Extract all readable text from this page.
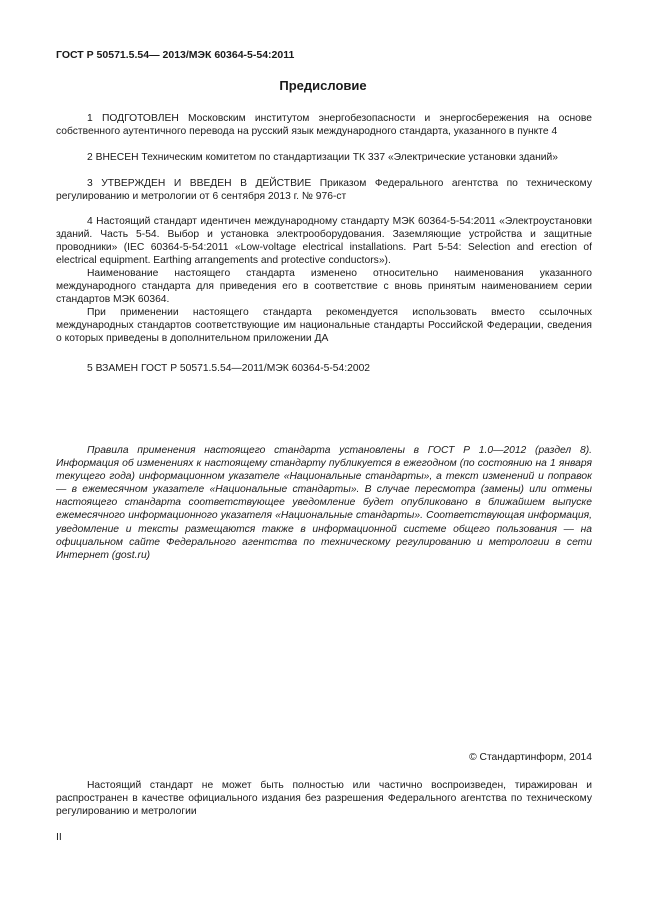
ГОСТ Р 50571.5.54— 2013/МЭК 60364-5-54:2011
Предисловие

1 ПОДГОТОВЛЕН Московским институтом энергобезопасности и энергосбережения на основе собственного аутентичного перевода на русский язык международного стандарта, указанного в пункте 4

2 ВНЕСЕН Техническим комитетом по стандартизации ТК 337 «Электрические установки зданий»

3 УТВЕРЖДЕН И ВВЕДЕН В ДЕЙСТВИЕ Приказом Федерального агентства по техническому регулированию и метрологии от 6 сентября 2013 г. № 976-ст

4 Настоящий стандарт идентичен международному стандарту МЭК 60364-5-54:2011 «Электроустановки зданий. Часть 5-54. Выбор и установка электрооборудования. Заземляющие устройства и защитные проводники» (IEC 60364-5-54:2011 «Low-voltage electrical installations. Part 5-54: Selection and erection of electrical equipment. Earthing arrangements and protective conductors»).

Наименование настоящего стандарта изменено относительно наименования указанного международного стандарта для приведения его в соответствие с вновь принятым наименованием серии стандартов МЭК 60364.

При применении настоящего стандарта рекомендуется использовать вместо ссылочных международных стандартов соответствующие им национальные стандарты Российской Федерации, сведения о которых приведены в дополнительном приложении ДА

5 ВЗАМЕН ГОСТ Р 50571.5.54—2011/МЭК 60364-5-54:2002

Правила применения настоящего стандарта установлены в ГОСТ Р 1.0—2012 (раздел 8). Информация об изменениях к настоящему стандарту публикуется в ежегодном (по состоянию на 1 января текущего года) информационном указателе «Национальные стандарты», а текст изменений и поправок — в ежемесячном указателе «Национальные стандарты». В случае пересмотра (замены) или отмены настоящего стандарта соответствующее уведомление будет опубликовано в ближайшем выпуске ежемесячного информационного указателя «Национальные стандарты». Соответствующая информация, уведомление и тексты размещаются также в информационной системе общего пользования — на официальном сайте Федерального агентства по техническому регулированию и метрологии в сети Интернет (gost.ru)

© Стандартинформ, 2014

Настоящий стандарт не может быть полностью или частично воспроизведен, тиражирован и распространен в качестве официального издания без разрешения Федерального агентства по техническому регулированию и метрологии

II
